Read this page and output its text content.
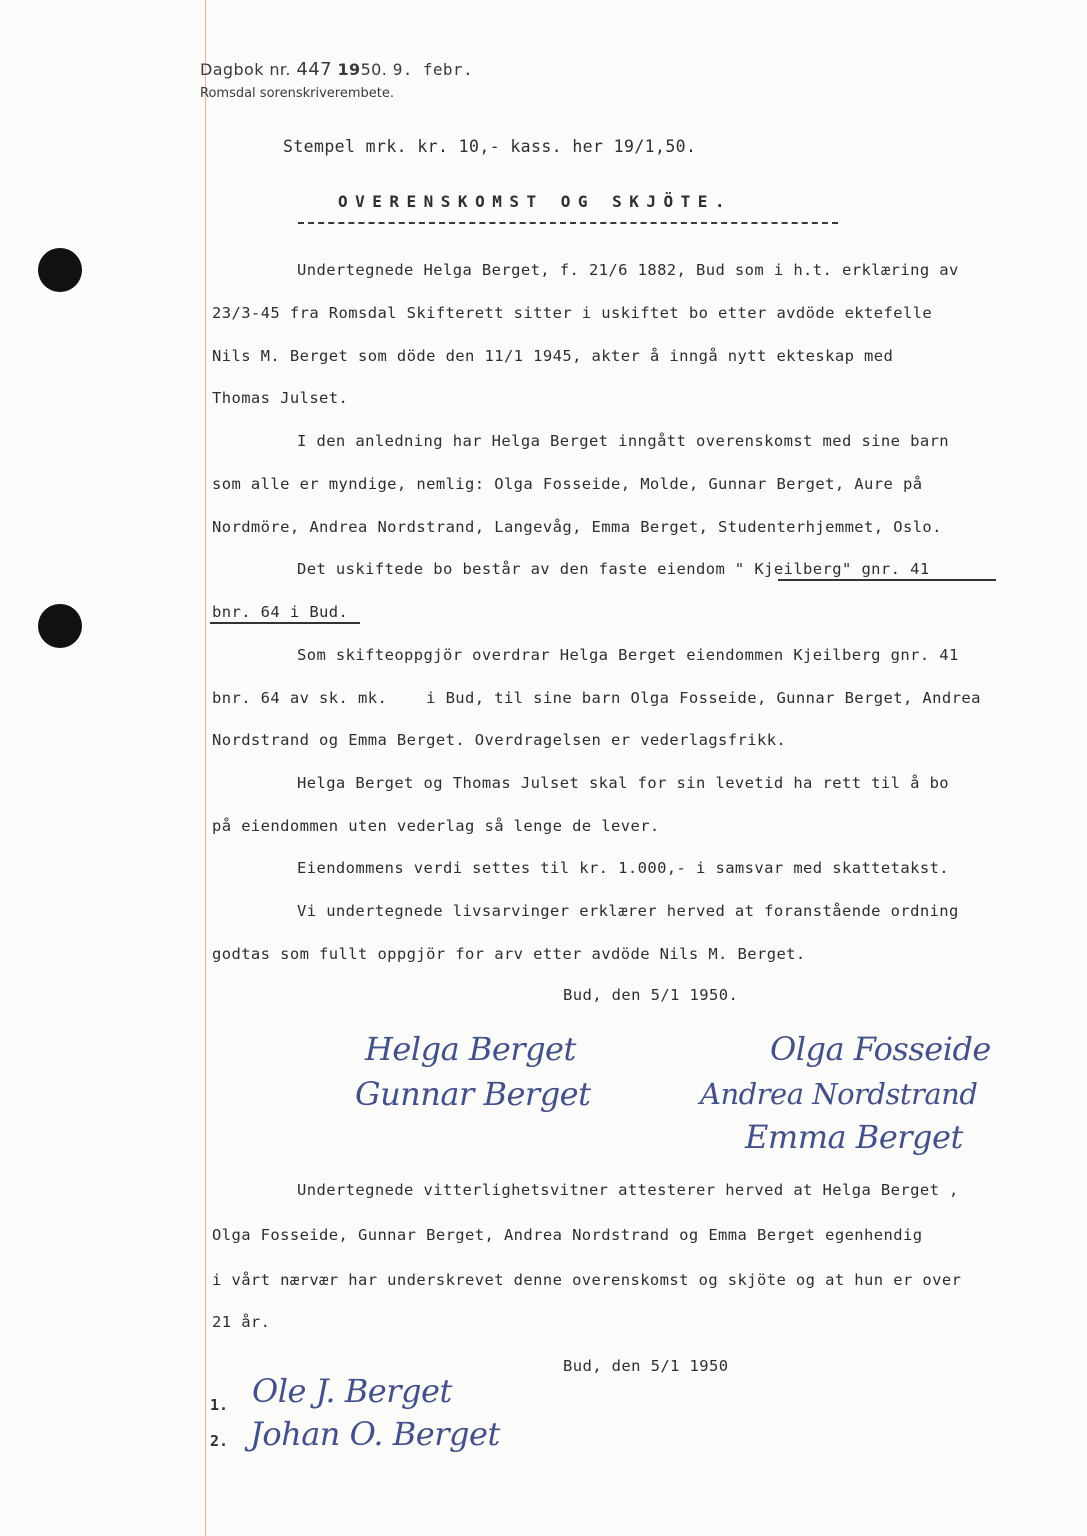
Dagbok nr. 447 1950. 9. febr.
Romsdal sorenskriverembete.
Stempel mrk. kr. 10,- kass. her 19/1,50.
OVERENSKOMST OG SKJÖTE.
Undertegnede Helga Berget, f. 21/6 1882, Bud som i h.t. erklæring av
23/3-45 fra Romsdal Skifterett sitter i uskiftet bo etter avdöde ektefelle
Nils M. Berget som döde den 11/1 1945, akter å inngå nytt ekteskap med
Thomas Julset.
I den anledning har Helga Berget inngått overenskomst med sine barn
som alle er myndige, nemlig: Olga Fosseide, Molde, Gunnar Berget, Aure på
Nordmöre, Andrea Nordstrand, Langevåg, Emma Berget, Studenterhjemmet, Oslo.
Det uskiftede bo består av den faste eiendom " Kjeilberg" gnr. 41
bnr. 64 i Bud.
Som skifteoppgjör overdrar Helga Berget eiendommen Kjeilberg gnr. 41
bnr. 64 av sk. mk.    i Bud, til sine barn Olga Fosseide, Gunnar Berget, Andrea
Nordstrand og Emma Berget. Overdragelsen er vederlagsfrikk.
Helga Berget og Thomas Julset skal for sin levetid ha rett til å bo
på eiendommen uten vederlag så lenge de lever.
Eiendommens verdi settes til kr. 1.000,- i samsvar med skattetakst.
Vi undertegnede livsarvinger erklærer herved at foranstående ordning
godtas som fullt oppgjör for arv etter avdöde Nils M. Berget.
Bud, den 5/1 1950.
Helga Berget
Gunnar Berget
Olga Fosseide
Andrea Nordstrand
Emma Berget
Undertegnede vitterlighetsvitner attesterer herved at Helga Berget ,
Olga Fosseide, Gunnar Berget, Andrea Nordstrand og Emma Berget egenhendig
i vårt nærvær har underskrevet denne overenskomst og skjöte og at hun er over
21 år.
Bud, den 5/1 1950
1.
2.
Ole J. Berget
Johan O. Berget
